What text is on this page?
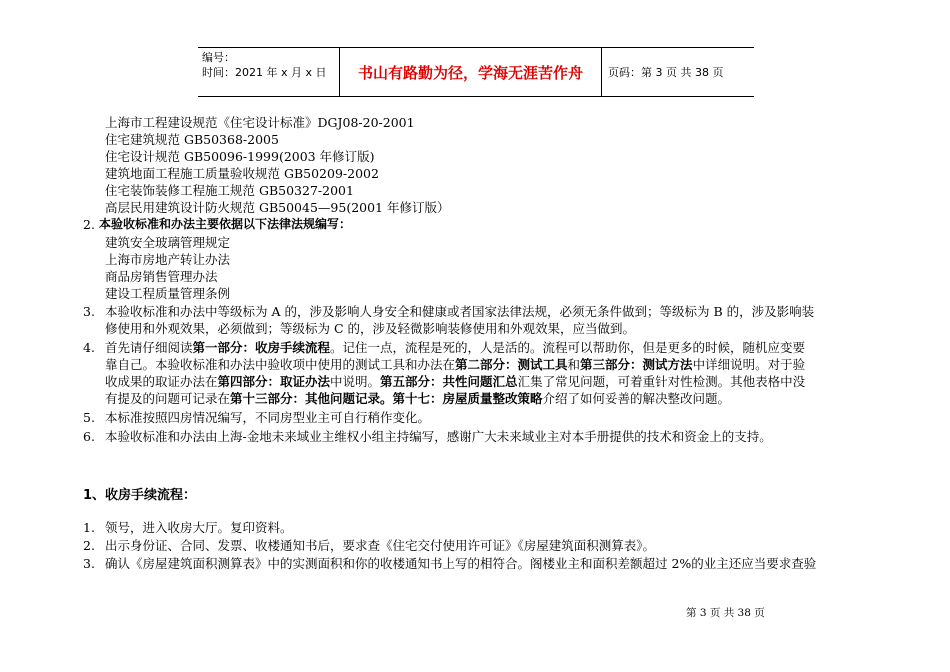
编号：
时间：2021 年 x 月 x 日	书山有路勤为径，学海无涯苦作舟	页码：第 3 页 共 38 页
上海市工程建设规范《住宅设计标准》DGJ08-20-2001
住宅建筑规范 GB50368-2005
住宅设计规范 GB50096-1999(2003 年修订版)
建筑地面工程施工质量验收规范 GB50209-2002
住宅装饰装修工程施工规范 GB50327-2001
高层民用建筑设计防火规范 GB50045—95(2001 年修订版）
2. 本验收标准和办法主要依据以下法律法规编写：
建筑安全玻璃管理规定
上海市房地产转让办法
商品房销售管理办法
建设工程质量管理条例
3. 本验收标准和办法中等级标为 A 的，涉及影响人身安全和健康或者国家法律法规，必须无条件做到；等级标为 B 的，涉及影响装
修使用和外观效果，必须做到；等级标为 C 的，涉及轻微影响装修使用和外观效果，应当做到。
4. 首先请仔细阅读第一部分：收房手续流程。记住一点，流程是死的，人是活的。流程可以帮助你，但是更多的时候，随机应变要
靠自己。本验收标准和办法中验收项中使用的测试工具和办法在第二部分：测试工具和第三部分：测试方法中详细说明。对于验
收成果的取证办法在第四部分：取证办法中说明。第五部分：共性问题汇总汇集了常见问题，可着重针对性检测。其他表格中没
有提及的问题可记录在第十三部分：其他问题记录。第十七：房屋质量整改策略介绍了如何妥善的解决整改问题。
5. 本标准按照四房情况编写，不同房型业主可自行稍作变化。
6. 本验收标准和办法由上海-金地未来域业主维权小组主持编写，感谢广大未来域业主对本手册提供的技术和资金上的支持。
1、收房手续流程：
1. 领号，进入收房大厅。复印资料。
2. 出示身份证、合同、发票、收楼通知书后，要求查《住宅交付使用许可证》《房屋建筑面积测算表》。
3. 确认《房屋建筑面积测算表》中的实测面积和你的收楼通知书上写的相符合。阁楼业主和面积差额超过 2%的业主还应当要求查验
第 3 页 共 38 页
